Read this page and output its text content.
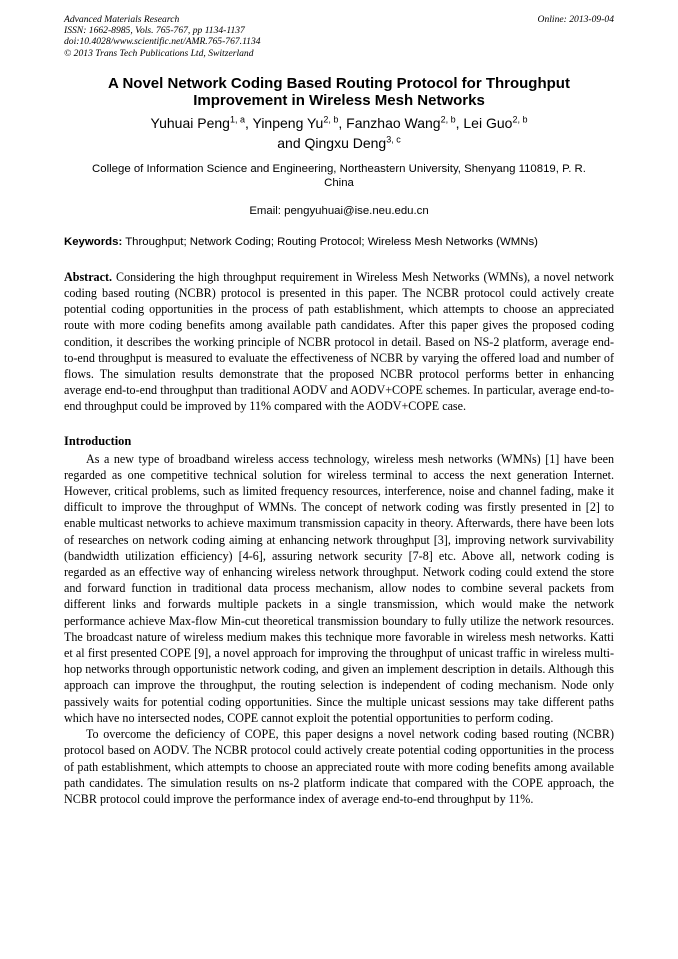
Advanced Materials Research
ISSN: 1662-8985, Vols. 765-767, pp 1134-1137
doi:10.4028/www.scientific.net/AMR.765-767.1134
© 2013 Trans Tech Publications Ltd, Switzerland
Online: 2013-09-04
A Novel Network Coding Based Routing Protocol for Throughput
Improvement in Wireless Mesh Networks
Yuhuai Peng$^{1, a}$, Yinpeng Yu$^{2, b}$, Fanzhao Wang$^{2, b}$, Lei Guo$^{2, b}$
and Qingxu Deng$^{3, c}$
College of Information Science and Engineering, Northeastern University, Shenyang 110819, P. R.
China
Email: pengyuhuai@ise.neu.edu.cn
Keywords: Throughput; Network Coding; Routing Protocol; Wireless Mesh Networks (WMNs)

Abstract. Considering the high throughput requirement in Wireless Mesh Networks (WMNs), a novel network coding based routing (NCBR) protocol is presented in this paper. The NCBR protocol could actively create potential coding opportunities in the process of path establishment, which attempts to choose an appreciated route with more coding benefits among available path candidates. After this paper gives the proposed coding condition, it describes the working principle of NCBR protocol in detail. Based on NS-2 platform, average end-to-end throughput is measured to evaluate the effectiveness of NCBR by varying the offered load and number of flows. The simulation results demonstrate that the proposed NCBR protocol performs better in enhancing average end-to-end throughput than traditional AODV and AODV+COPE schemes. In particular, average end-to-end throughput could be improved by 11% compared with the AODV+COPE case.

Introduction

As a new type of broadband wireless access technology, wireless mesh networks (WMNs) [1] have been regarded as one competitive technical solution for wireless terminal to access the next generation Internet. However, critical problems, such as limited frequency resources, interference, noise and channel fading, make it difficult to improve the throughput of WMNs. The concept of network coding was firstly presented in [2] to enable multicast networks to achieve maximum transmission capacity in theory. Afterwards, there have been lots of researches on network coding aiming at enhancing network throughput [3], improving network survivability (bandwidth utilization efficiency) [4-6], assuring network security [7-8] etc. Above all, network coding is regarded as an effective way of enhancing wireless network throughput. Network coding could extend the store and forward function in traditional data process mechanism, allow nodes to combine several packets from different links and forwards multiple packets in a single transmission, which would make the network performance achieve Max-flow Min-cut theoretical transmission boundary to fully utilize the network resources. The broadcast nature of wireless medium makes this technique more favorable in wireless mesh networks. Katti et al first presented COPE [9], a novel approach for improving the throughput of unicast traffic in wireless multi-hop networks through opportunistic network coding, and given an implement description in details. Although this approach can improve the throughput, the routing selection is independent of coding mechanism. Node only passively waits for potential coding opportunities. Since the multiple unicast sessions may take different paths which have no intersected nodes, COPE cannot exploit the potential opportunities to perform coding.

To overcome the deficiency of COPE, this paper designs a novel network coding based routing (NCBR) protocol based on AODV. The NCBR protocol could actively create potential coding opportunities in the process of path establishment, which attempts to choose an appreciated route with more coding benefits among available path candidates. The simulation results on ns-2 platform indicate that compared with the COPE approach, the NCBR protocol could improve the performance index of average end-to-end throughput by 11%.
